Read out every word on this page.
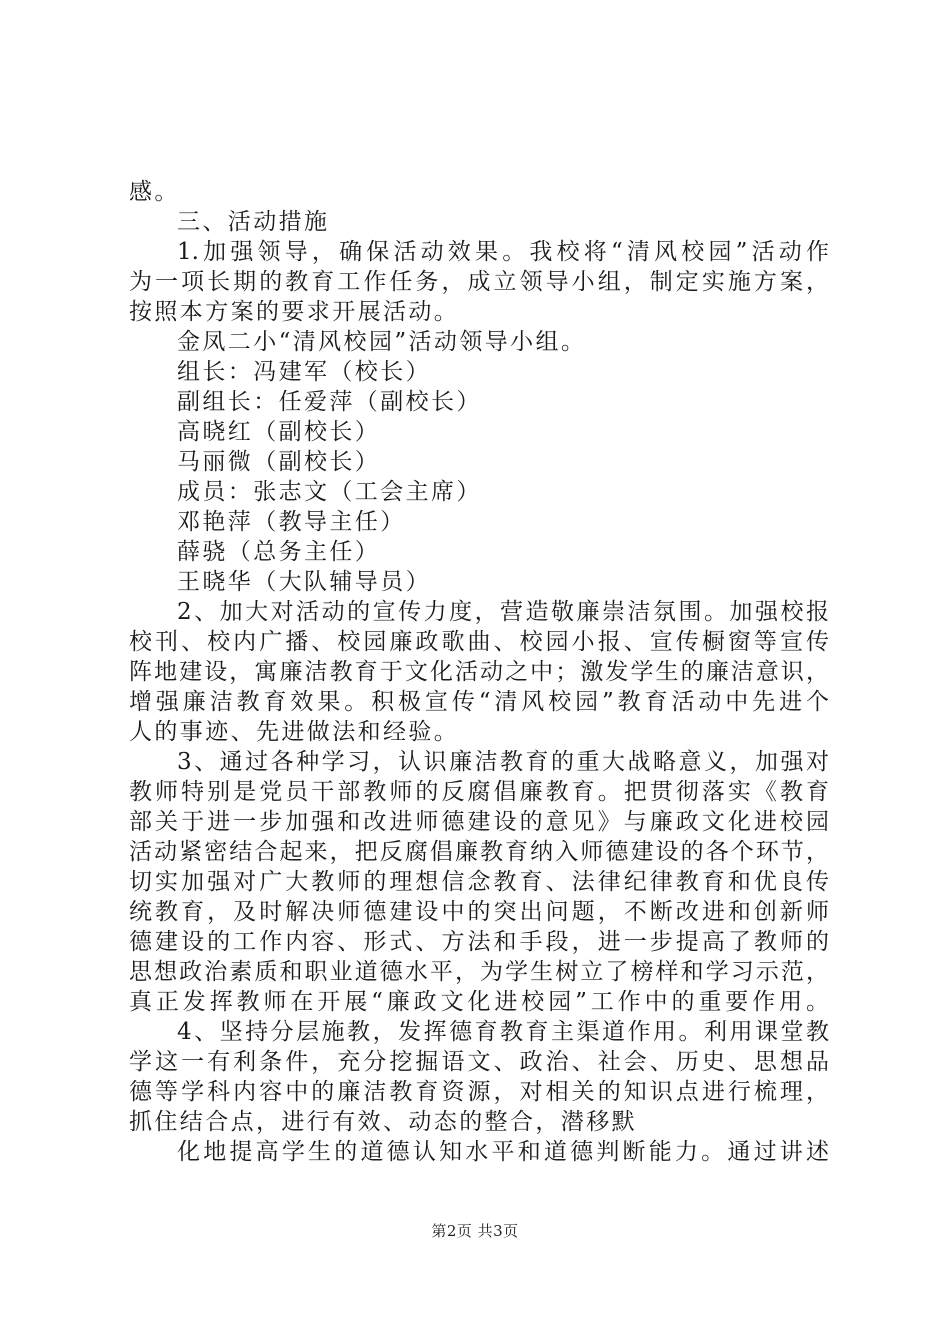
感。
三、活动措施
1.加强领导，确保活动效果。我校将“清风校园”活动作
为一项长期的教育工作任务，成立领导小组，制定实施方案，
按照本方案的要求开展活动。
金凤二小“清风校园”活动领导小组。
组长：冯建军（校长）
副组长：任爱萍（副校长）
高晓红（副校长）
马丽微（副校长）
成员：张志文（工会主席）
邓艳萍（教导主任）
薛骁（总务主任）
王晓华（大队辅导员）
2、加大对活动的宣传力度，营造敬廉崇洁氛围。加强校报
校刊、校内广播、校园廉政歌曲、校园小报、宣传橱窗等宣传
阵地建设，寓廉洁教育于文化活动之中；激发学生的廉洁意识，
增强廉洁教育效果。积极宣传“清风校园”教育活动中先进个
人的事迹、先进做法和经验。
3、通过各种学习，认识廉洁教育的重大战略意义，加强对
教师特别是党员干部教师的反腐倡廉教育。把贯彻落实《教育
部关于进一步加强和改进师德建设的意见》与廉政文化进校园
活动紧密结合起来，把反腐倡廉教育纳入师德建设的各个环节，
切实加强对广大教师的理想信念教育、法律纪律教育和优良传
统教育，及时解决师德建设中的突出问题，不断改进和创新师
德建设的工作内容、形式、方法和手段，进一步提高了教师的
思想政治素质和职业道德水平，为学生树立了榜样和学习示范，
真正发挥教师在开展“廉政文化进校园”工作中的重要作用。
4、坚持分层施教，发挥德育教育主渠道作用。利用课堂教
学这一有利条件，充分挖掘语文、政治、社会、历史、思想品
德等学科内容中的廉洁教育资源，对相关的知识点进行梳理，
抓住结合点，进行有效、动态的整合，潜移默
化地提高学生的道德认知水平和道德判断能力。通过讲述
第2页 共3页
